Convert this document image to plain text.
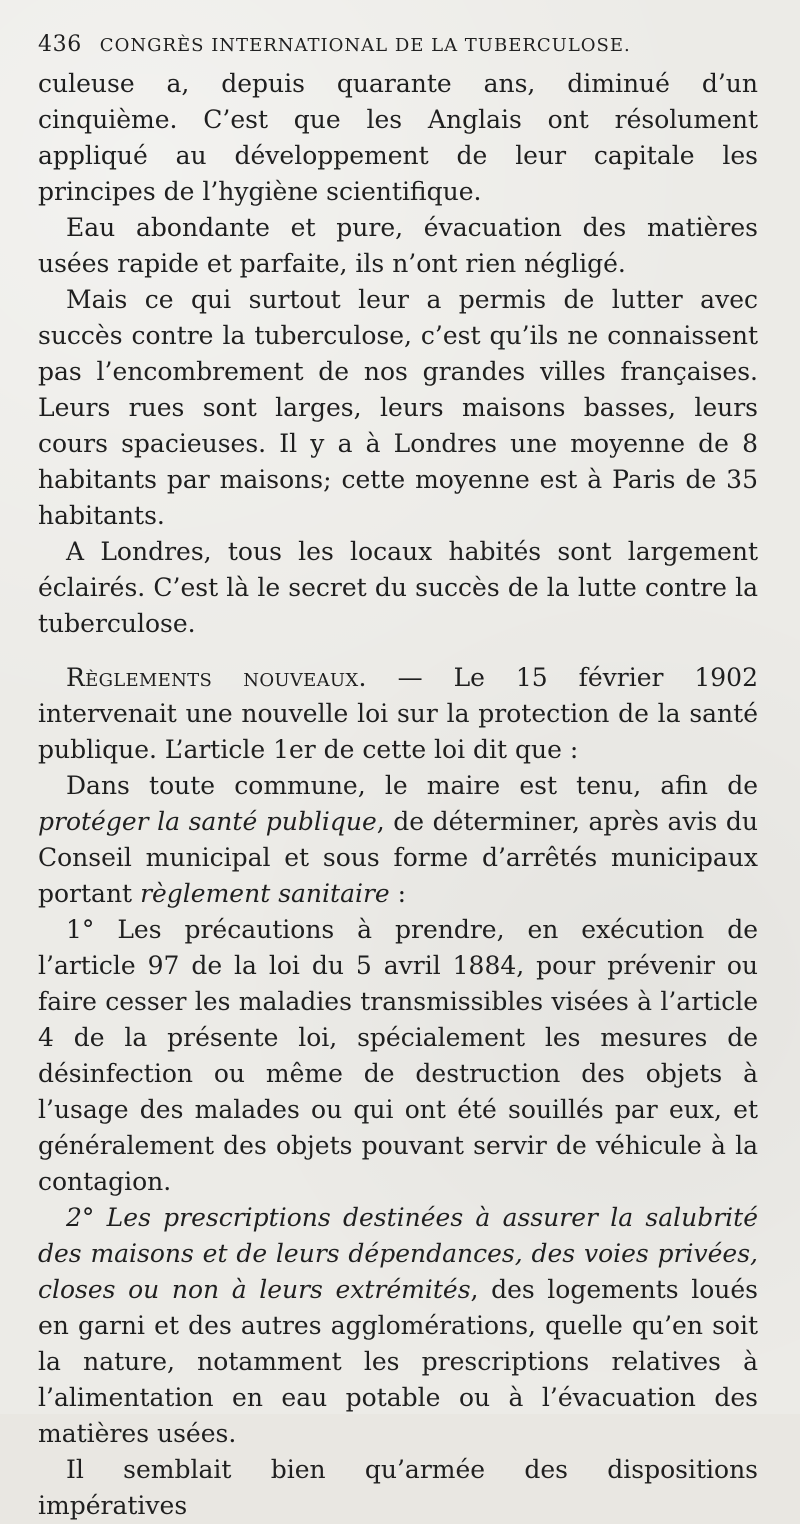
436 CONGRÈS INTERNATIONAL DE LA TUBERCULOSE.

culeuse a, depuis quarante ans, diminué d’un cinquième. C’est que les Anglais ont résolument appliqué au développement de leur capitale les principes de l’hygiène scientifique.

Eau abondante et pure, évacuation des matières usées rapide et parfaite, ils n’ont rien négligé.

Mais ce qui surtout leur a permis de lutter avec succès contre la tuberculose, c’est qu’ils ne connaissent pas l’encombrement de nos grandes villes françaises. Leurs rues sont larges, leurs maisons basses, leurs cours spacieuses. Il y a à Londres une moyenne de 8 habitants par maisons; cette moyenne est à Paris de 35 habitants.

A Londres, tous les locaux habités sont largement éclairés. C’est là le secret du succès de la lutte contre la tuberculose.

Règlements nouveaux. — Le 15 février 1902 intervenait une nouvelle loi sur la protection de la santé publique. L’article 1er de cette loi dit que :

Dans toute commune, le maire est tenu, afin de protéger la santé publique, de déterminer, après avis du Conseil municipal et sous forme d’arrêtés municipaux portant règlement sanitaire :

1° Les précautions à prendre, en exécution de l’article 97 de la loi du 5 avril 1884, pour prévenir ou faire cesser les maladies transmissibles visées à l’article 4 de la présente loi, spécialement les mesures de désinfection ou même de destruction des objets à l’usage des malades ou qui ont été souillés par eux, et généralement des objets pouvant servir de véhicule à la contagion.

2° Les prescriptions destinées à assurer la salubrité des maisons et de leurs dépendances, des voies privées, closes ou non à leurs extrémités, des logements loués en garni et des autres agglomérations, quelle qu’en soit la nature, notamment les prescriptions relatives à l’alimentation en eau potable ou à l’évacuation des matières usées.

Il semblait bien qu’armée des dispositions impératives
